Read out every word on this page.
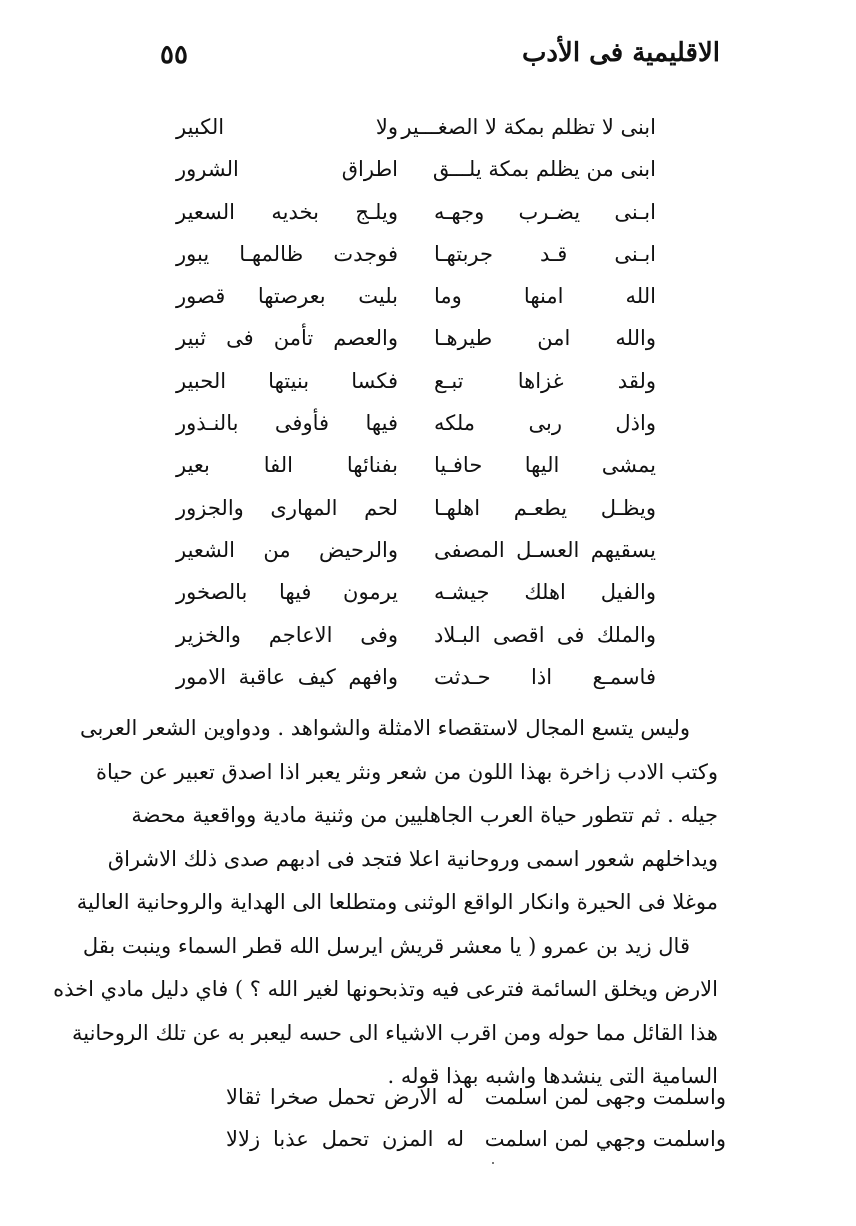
الاقليمية فى الأدب
٥٥
ابنى لا تظلم بمكة لا الصغـــير
ولا الكبير
ابنى من يظلم بمكة يلـــق
اطراق الشرور
ابـنى يضـرب وجهـه
ويلـج بخديه السعير
ابـنى قـد جربتهـا
فوجدت ظالمهـا يبور
الله امنها وما
بليت بعرصتها قصور
والله امن طيرهـا
والعصم تأمن فى ثبير
ولقد غزاها تبـع
فكسا بنيتها الحبير
واذل ربى ملكه
فيها فأوفى بالنـذور
يمشى اليها حافـيا
بفنائها الفا بعير
ويظـل يطعـم اهلهـا
لحم المهارى والجزور
يسقيهم العسـل المصفى
والرحيض من الشعير
والفيل اهلك جيشـه
يرمون فيها بالصخور
والملك فى اقصى البـلاد
وفى الاعاجم والخزير
فاسمـع اذا حـدثت
وافهم كيف عاقبة الامور
وليس يتسع المجال لاستقصاء الامثلة والشواهد . ودواوين الشعر العربى
وكتب الادب زاخرة بهذا اللون من شعر ونثر يعبر اذا اصدق تعبير عن حياة
جيله . ثم تتطور حياة العرب الجاهليين من وثنية مادية وواقعية محضة
ويداخلهم شعور اسمى وروحانية اعلا فتجد فى ادبهم صدى ذلك الاشراق
موغلا فى الحيرة وانكار الواقع الوثنى ومتطلعا الى الهداية والروحانية العالية
قال زيد بن عمرو ( يا معشر قريش ايرسل الله قطر السماء وينبت بقل
الارض ويخلق السائمة فترعى فيه وتذبحونها لغير الله ؟ ) فاي دليل مادي اخذه
هذا القائل مما حوله ومن اقرب الاشياء الى حسه ليعبر به عن تلك الروحانية
السامية التى ينشدها واشبه بهذا قوله .
واسلمت وجهى لمن اسلمت
له الارض تحمل صخرا ثقالا
واسلمت وجهي لمن اسلمت
له المزن تحمل عذبا زلالا
